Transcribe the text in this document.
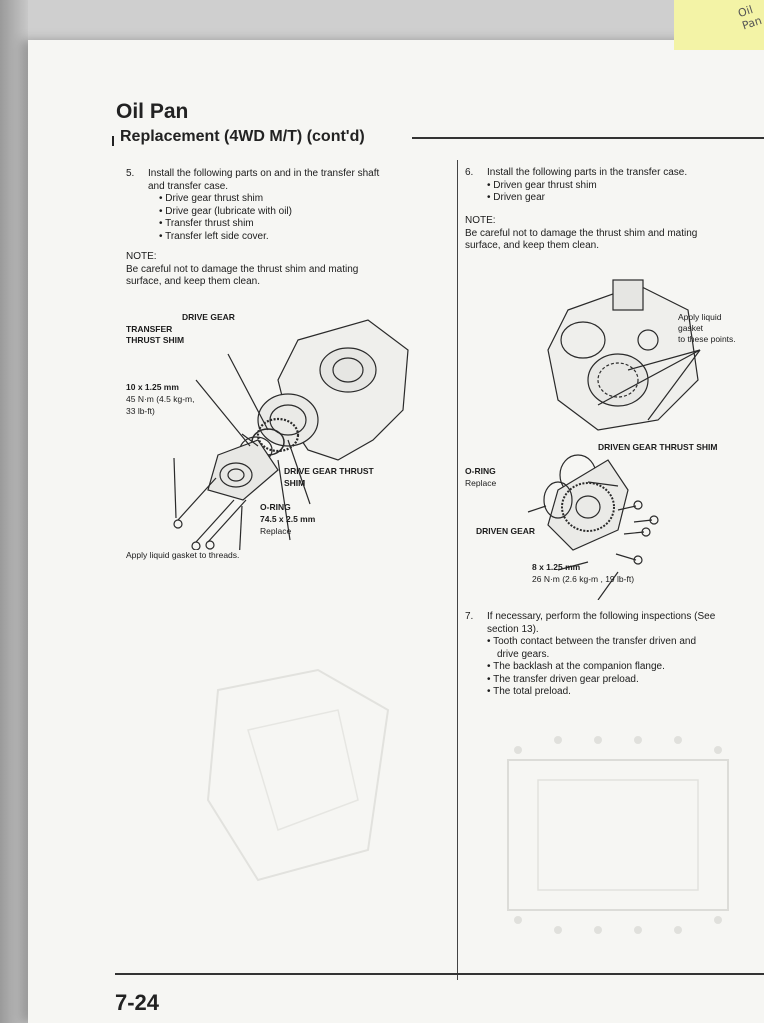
Oil Pan
Replacement (4WD M/T) (cont'd)
5. Install the following parts on and in the transfer shaft
and transfer case.
• Drive gear thrust shim
• Drive gear (lubricate with oil)
• Transfer thrust shim
• Transfer left side cover.
NOTE:
Be careful not to damage the thrust shim and mating
surface, and keep them clean.
DRIVE GEAR
TRANSFER
THRUST SHIM
10 x 1.25 mm
45 N·m (4.5 kg-m,
33 lb-ft)
DRIVE GEAR THRUST
SHIM
O-RING
74.5 x 2.5 mm
Replace
Apply liquid gasket to threads.
6. Install the following parts in the transfer case.
• Driven gear thrust shim
• Driven gear
NOTE:
Be careful not to damage the thrust shim and mating
surface, and keep them clean.
Apply liquid
gasket
to these points.
DRIVEN GEAR THRUST SHIM
O-RING
Replace
DRIVEN GEAR
8 x 1.25 mm
26 N·m (2.6 kg-m , 19 lb-ft)
7. If necessary, perform the following inspections (See
section 13).
• Tooth contact between the transfer driven and
drive gears.
• The backlash at the companion flange.
• The transfer driven gear preload.
• The total preload.
7-24
Oil
Pan
